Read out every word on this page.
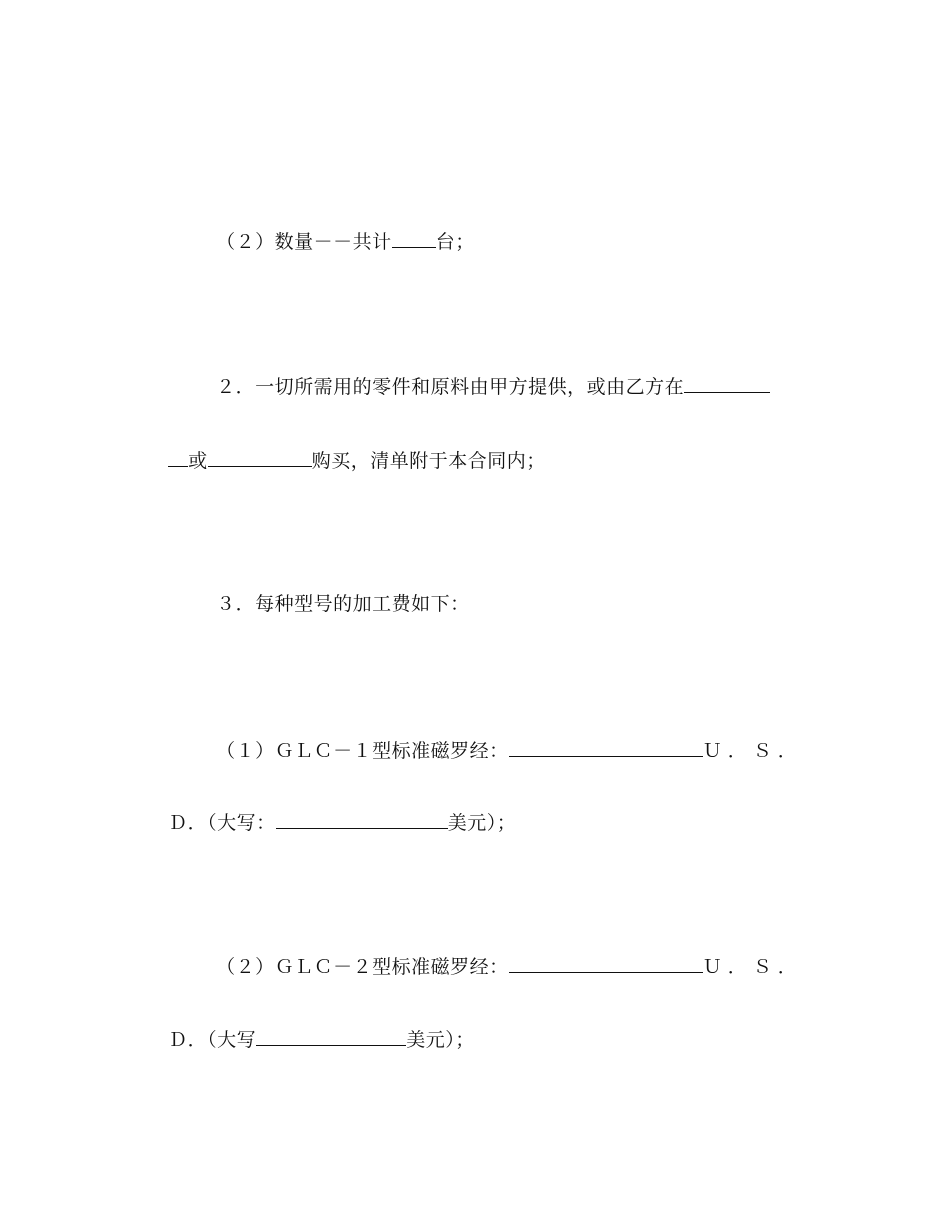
（２）数量－－共计 台；

２．一切所需用的零件和原料由甲方提供，或由乙方在

或	购买，清单附于本合同内；

３．每种型号的加工费如下：

（１）ＧＬＣ－１型标准磁罗经：	Ｕ．Ｓ．

Ｄ．（大写：	美元）；

（２）ＧＬＣ－２型标准磁罗经：	Ｕ．Ｓ．

Ｄ．（大写	美元）；
